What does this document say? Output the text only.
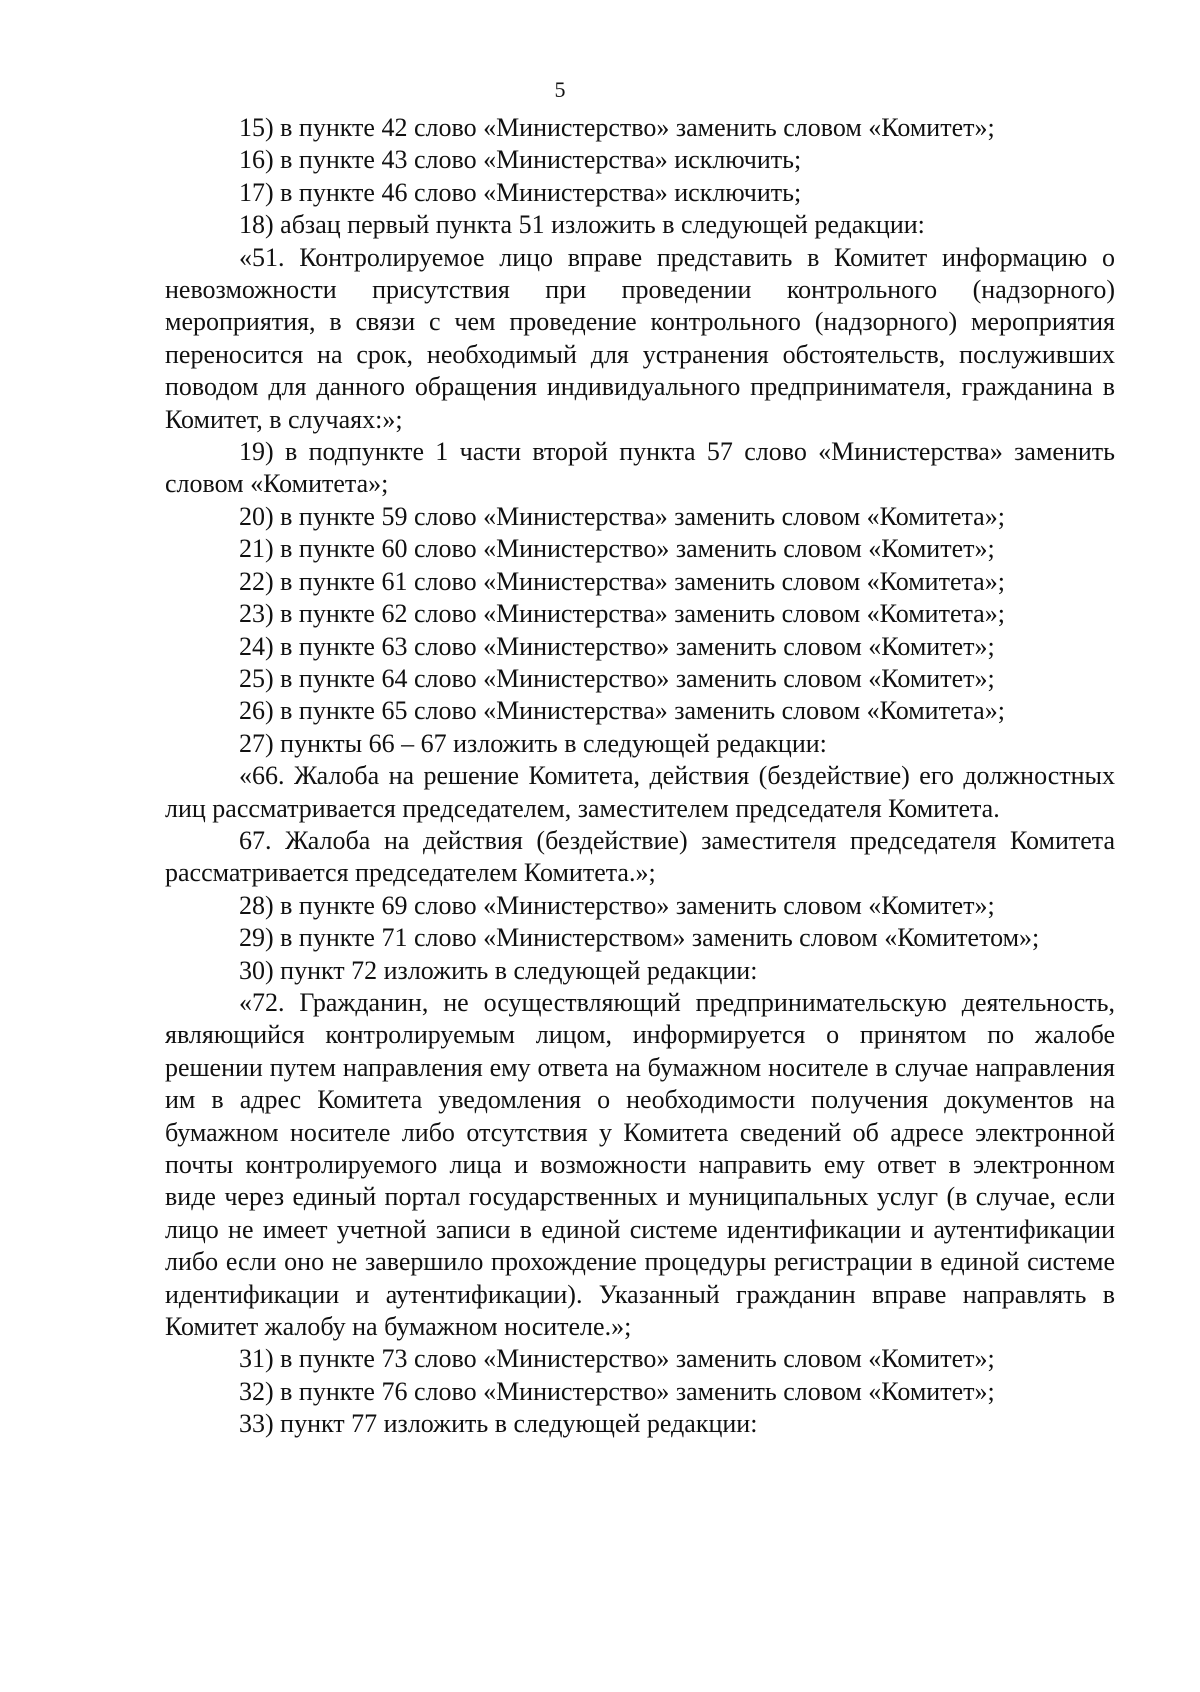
5

15) в пункте 42 слово «Министерство» заменить словом «Комитет»;

16) в пункте 43 слово «Министерства» исключить;

17) в пункте 46 слово «Министерства» исключить;

18) абзац первый пункта 51 изложить в следующей редакции:

«51. Контролируемое лицо вправе представить в Комитет информацию о невозможности присутствия при проведении контрольного (надзорного) мероприятия, в связи с чем проведение контрольного (надзорного) мероприятия переносится на срок, необходимый для устранения обстоятельств, послуживших поводом для данного обращения индивидуального предпринимателя, гражданина в Комитет, в случаях:»;

19) в подпункте 1 части второй пункта 57 слово «Министерства» заменить словом «Комитета»;

20) в пункте 59 слово «Министерства» заменить словом «Комитета»;

21) в пункте 60 слово «Министерство» заменить словом «Комитет»;

22) в пункте 61 слово «Министерства» заменить словом «Комитета»;

23) в пункте 62 слово «Министерства» заменить словом «Комитета»;

24) в пункте 63 слово «Министерство» заменить словом «Комитет»;

25) в пункте 64 слово «Министерство» заменить словом «Комитет»;

26) в пункте 65 слово «Министерства» заменить словом «Комитета»;

27) пункты 66 – 67 изложить в следующей редакции:

«66. Жалоба на решение Комитета, действия (бездействие) его должностных лиц рассматривается председателем, заместителем председателя Комитета.

67. Жалоба на действия (бездействие) заместителя председателя Комитета рассматривается председателем Комитета.»;

28) в пункте 69 слово «Министерство» заменить словом «Комитет»;

29) в пункте 71 слово «Министерством» заменить словом «Комитетом»;

30) пункт 72 изложить в следующей редакции:

«72. Гражданин, не осуществляющий предпринимательскую деятельность, являющийся контролируемым лицом, информируется о принятом по жалобе решении путем направления ему ответа на бумажном носителе в случае направления им в адрес Комитета уведомления о необходимости получения документов на бумажном носителе либо отсутствия у Комитета сведений об адресе электронной почты контролируемого лица и возможности направить ему ответ в электронном виде через единый портал государственных и муниципальных услуг (в случае, если лицо не имеет учетной записи в единой системе идентификации и аутентификации либо если оно не завершило прохождение процедуры регистрации в единой системе идентификации и аутентификации). Указанный гражданин вправе направлять в Комитет жалобу на бумажном носителе.»;

31) в пункте 73 слово «Министерство» заменить словом «Комитет»;

32) в пункте 76 слово «Министерство» заменить словом «Комитет»;

33) пункт 77 изложить в следующей редакции:
